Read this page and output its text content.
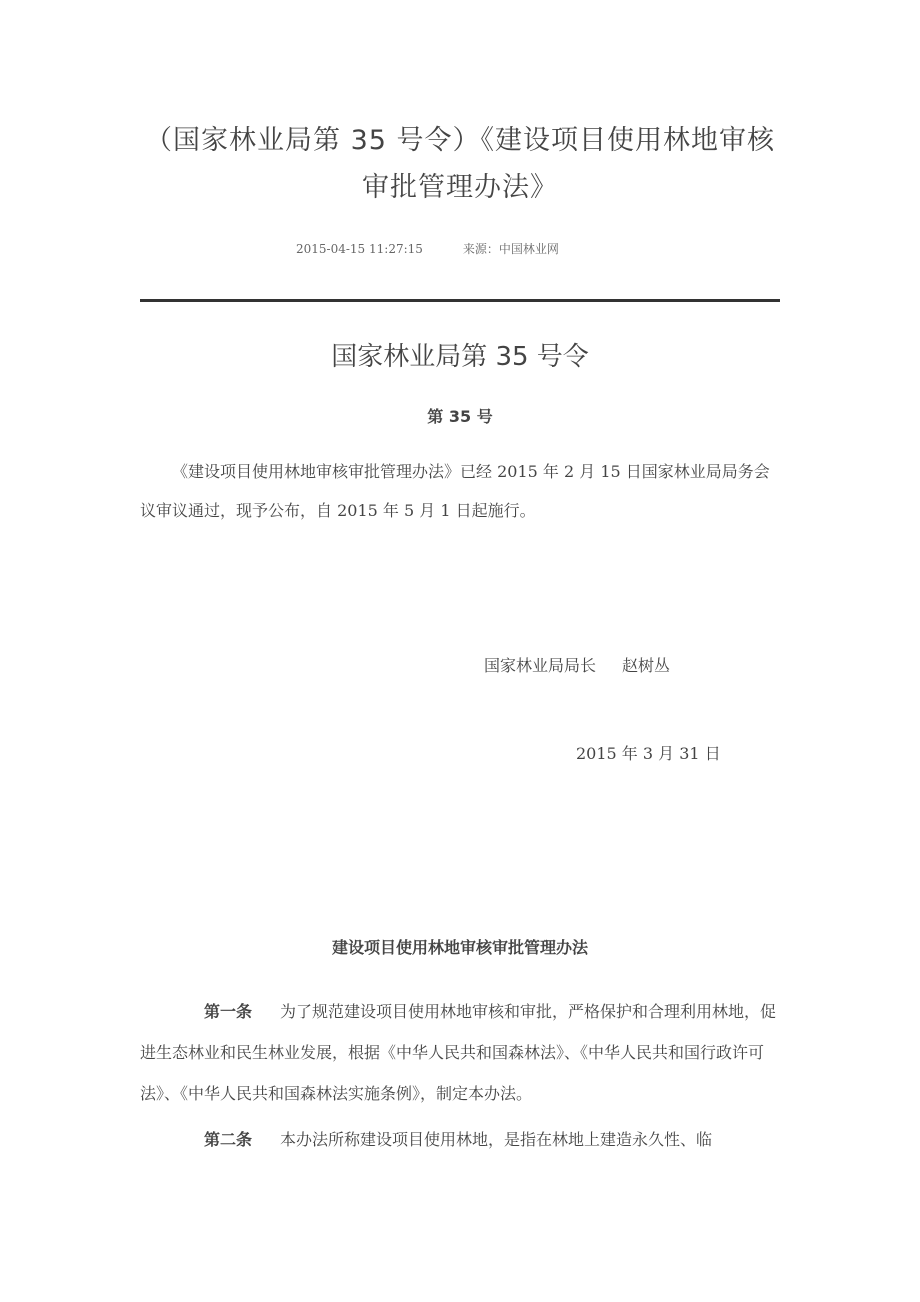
（国家林业局第 35 号令）《建设项目使用林地审核
审批管理办法》
2015-04-15 11:27:15	来源：中国林业网
国家林业局第 35 号令
第 35 号

《建设项目使用林地审核审批管理办法》已经 2015 年 2 月 15 日国家林业局局务会议审议通过，现予公布，自 2015 年 5 月 1 日起施行。

国家林业局局长 赵树丛
2015 年 3 月 31 日
建设项目使用林地审核审批管理办法

第一条 为了规范建设项目使用林地审核和审批，严格保护和合理利用林地，促进生态林业和民生林业发展，根据《中华人民共和国森林法》、《中华人民共和国行政许可法》、《中华人民共和国森林法实施条例》，制定本办法。

第二条 本办法所称建设项目使用林地，是指在林地上建造永久性、临
